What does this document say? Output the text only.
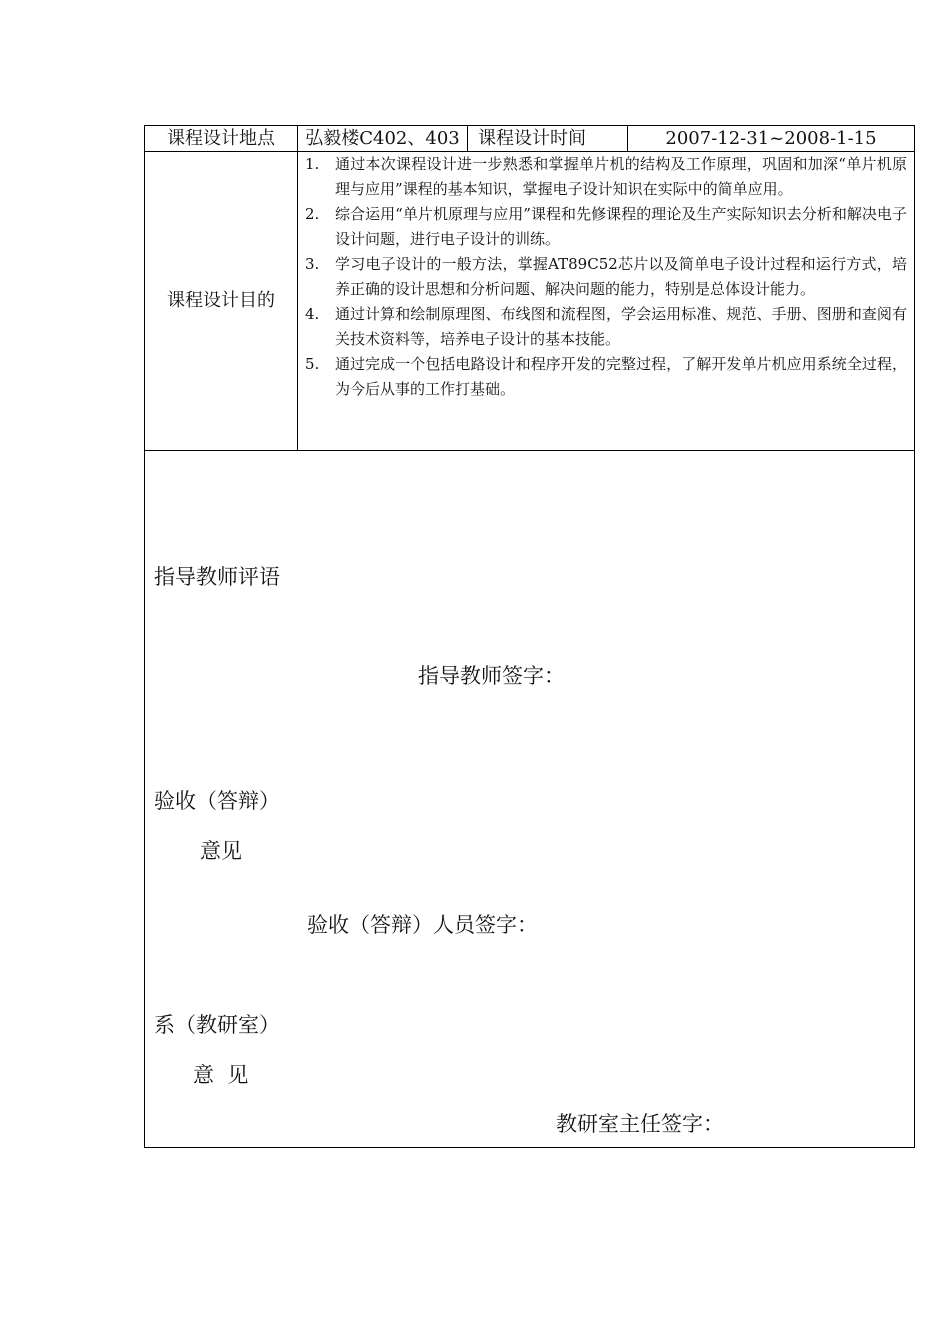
课程设计地点	弘毅楼C402、403	课程设计时间	2007-12-31~2008-1-15
课程设计目的
1. 通过本次课程设计进一步熟悉和掌握单片机的结构及工作原理，巩固和加深“单片机原理与应用”课程的基本知识，掌握电子设计知识在实际中的简单应用。
2. 综合运用“单片机原理与应用”课程和先修课程的理论及生产实际知识去分析和解决电子设计问题，进行电子设计的训练。
3. 学习电子设计的一般方法，掌握AT89C52芯片以及简单电子设计过程和运行方式，培养正确的设计思想和分析问题、解决问题的能力，特别是总体设计能力。
4. 通过计算和绘制原理图、布线图和流程图，学会运用标准、规范、手册、图册和查阅有关技术资料等，培养电子设计的基本技能。
5. 通过完成一个包括电路设计和程序开发的完整过程，了解开发单片机应用系统全过程，为今后从事的工作打基础。
指导教师评语
指导教师签字：
验收（答辩）
意见
验收（答辩）人员签字：
系（教研室）
意  见
教研室主任签字：
